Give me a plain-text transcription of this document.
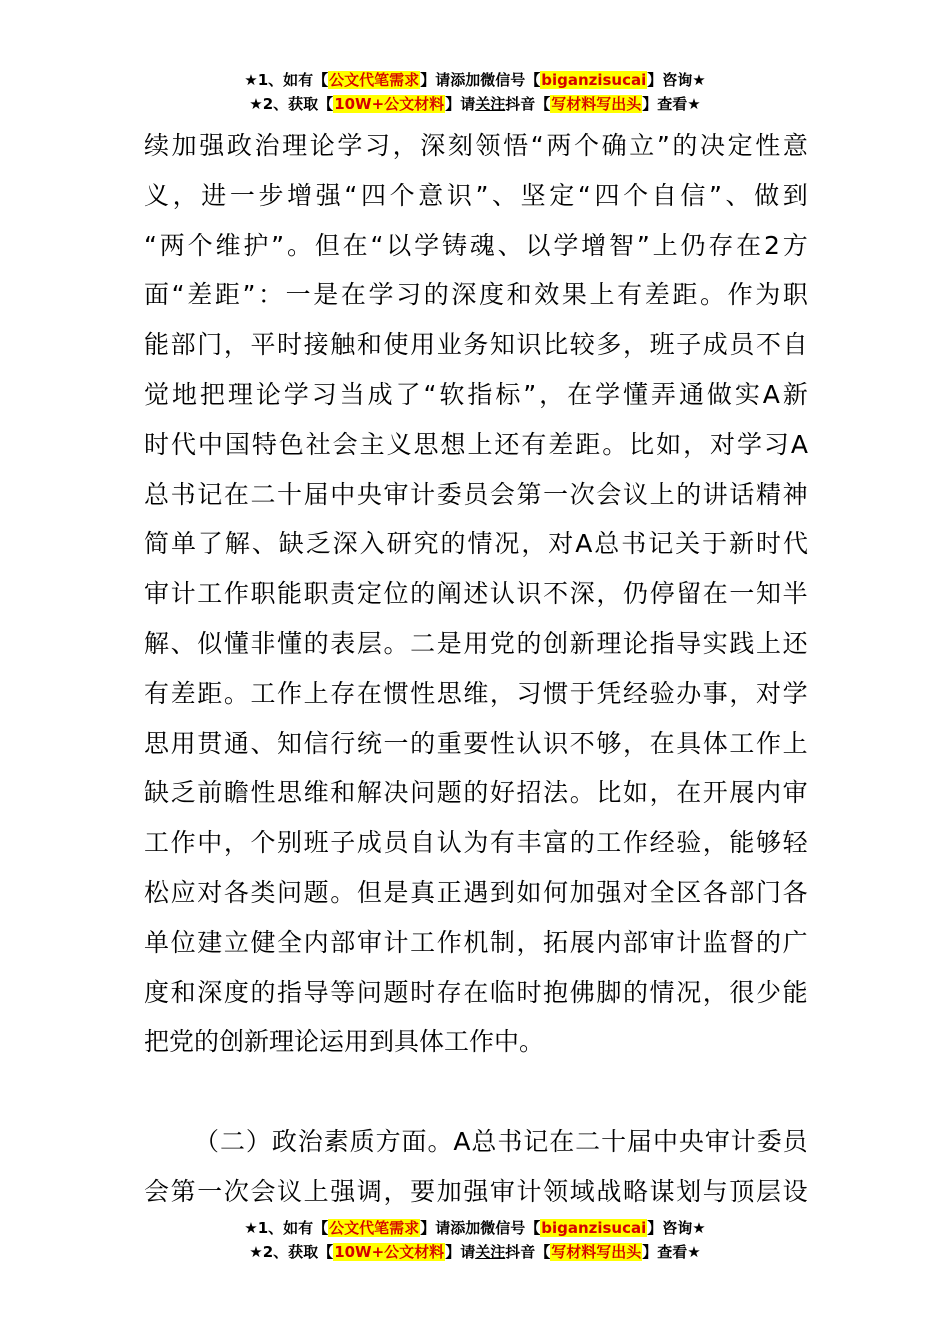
★1、如有【公文代笔需求】请添加微信号【biganzisucai】咨询★
★2、获取【10W+公文材料】请关注抖音【写材料写出头】查看★
续 加 强 政 治 理 论 学 习 ， 深 刻 领 悟 “ 两 个 确 立 ” 的 决 定 性 意
义 ， 进 一 步 增 强 “ 四 个 意 识 ” 、 坚 定 “ 四 个 自 信 ” 、 做 到
“ 两 个 维 护 ” 。 但 在 “ 以 学 铸 魂 、 以 学 增 智 ” 上 仍 存 在 2 方
面 “ 差 距 ” ： 一 是 在 学 习 的 深 度 和 效 果 上 有 差 距 。 作 为 职
能 部 门 ， 平 时 接 触 和 使 用 业 务 知 识 比 较 多 ， 班 子 成 员 不 自
觉 地 把 理 论 学 习 当 成 了 “ 软 指 标 ” ， 在 学 懂 弄 通 做 实 A 新
时 代 中 国 特 色 社 会 主 义 思 想 上 还 有 差 距 。 比 如 ， 对 学 习 A
总 书 记 在 二 十 届 中 央 审 计 委 员 会 第 一 次 会 议 上 的 讲 话 精 神
简 单 了 解 、 缺 乏 深 入 研 究 的 情 况 ， 对 A 总 书 记 关 于 新 时 代
审 计 工 作 职 能 职 责 定 位 的 阐 述 认 识 不 深 ， 仍 停 留 在 一 知 半
解 、 似 懂 非 懂 的 表 层 。 二 是 用 党 的 创 新 理 论 指 导 实 践 上 还
有 差 距 。 工 作 上 存 在 惯 性 思 维 ， 习 惯 于 凭 经 验 办 事 ， 对 学
思 用 贯 通 、 知 信 行 统 一 的 重 要 性 认 识 不 够 ， 在 具 体 工 作 上
缺 乏 前 瞻 性 思 维 和 解 决 问 题 的 好 招 法 。 比 如 ， 在 开 展 内 审
工 作 中 ， 个 别 班 子 成 员 自 认 为 有 丰 富 的 工 作 经 验 ， 能 够 轻
松 应 对 各 类 问 题 。 但 是 真 正 遇 到 如 何 加 强 对 全 区 各 部 门 各
单 位 建 立 健 全 内 部 审 计 工 作 机 制 ， 拓 展 内 部 审 计 监 督 的 广
度 和 深 度 的 指 导 等 问 题 时 存 在 临 时 抱 佛 脚 的 情 况 ， 很 少 能
把党的创新理论运用到具体工作中。
（ 二 ） 政 治 素 质 方 面 。 A 总 书 记 在 二 十 届 中 央 审 计 委 员
会 第 一 次 会 议 上 强 调 ， 要 加 强 审 计 领 域 战 略 谋 划 与 顶 层 设
★1、如有【公文代笔需求】请添加微信号【biganzisucai】咨询★
★2、获取【10W+公文材料】请关注抖音【写材料写出头】查看★
